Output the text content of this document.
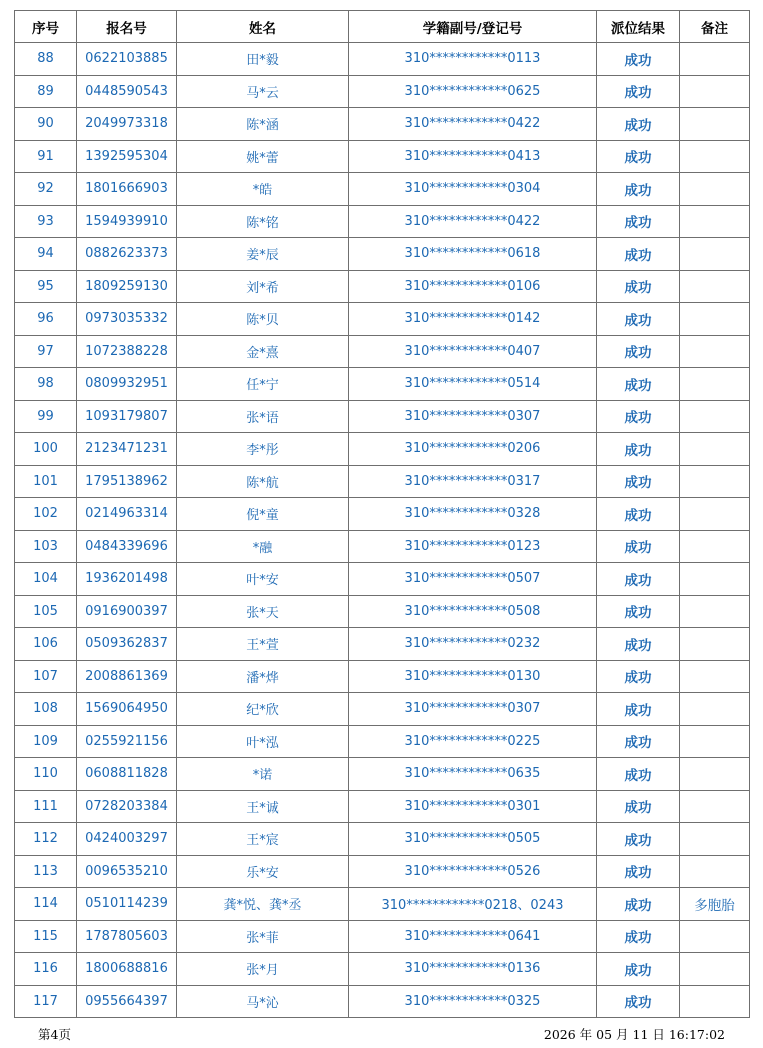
序号	报名号	姓名	学籍副号/登记号	派位结果	备注
88	0622103885	田*毅	310************0113	成功	
89	0448590543	马*云	310************0625	成功	
90	2049973318	陈*涵	310************0422	成功	
91	1392595304	姚*蕾	310************0413	成功	
92	1801666903	*皓	310************0304	成功	
93	1594939910	陈*铭	310************0422	成功	
94	0882623373	姜*辰	310************0618	成功	
95	1809259130	刘*希	310************0106	成功	
96	0973035332	陈*贝	310************0142	成功	
97	1072388228	金*熹	310************0407	成功	
98	0809932951	任*宁	310************0514	成功	
99	1093179807	张*语	310************0307	成功	
100	2123471231	李*彤	310************0206	成功	
101	1795138962	陈*航	310************0317	成功	
102	0214963314	倪*童	310************0328	成功	
103	0484339696	*融	310************0123	成功	
104	1936201498	叶*安	310************0507	成功	
105	0916900397	张*天	310************0508	成功	
106	0509362837	王*萱	310************0232	成功	
107	2008861369	潘*烨	310************0130	成功	
108	1569064950	纪*欣	310************0307	成功	
109	0255921156	叶*泓	310************0225	成功	
110	0608811828	*诺	310************0635	成功	
111	0728203384	王*诚	310************0301	成功	
112	0424003297	王*宸	310************0505	成功	
113	0096535210	乐*安	310************0526	成功	
114	0510114239	龚*悦、龚*丞	310************0218、0243	成功	多胞胎
115	1787805603	张*菲	310************0641	成功	
116	1800688816	张*月	310************0136	成功	
117	0955664397	马*沁	310************0325	成功	
第4页	2026 年 05 月 11 日 16:17:02
